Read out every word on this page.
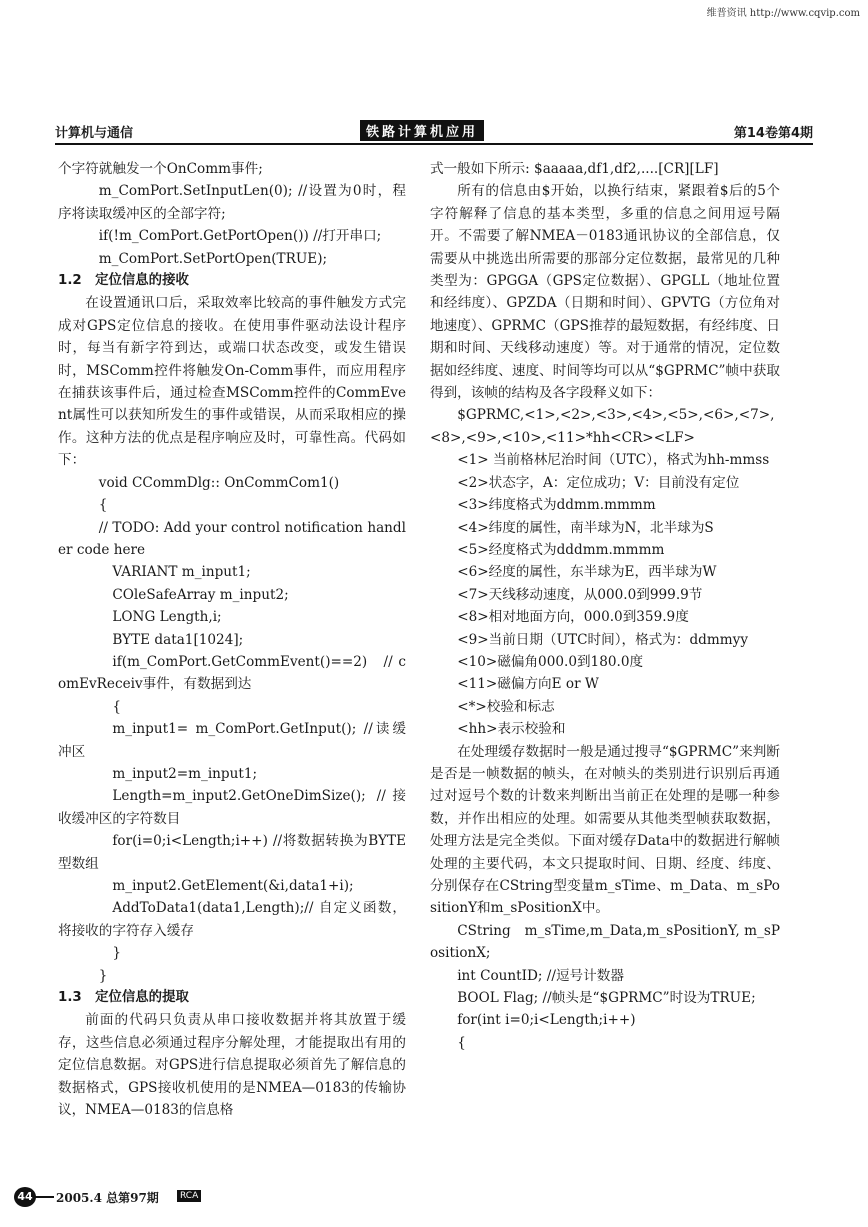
维普资讯 http://www.cqvip.com
计算机与通信	铁路计算机应用	第14卷第4期

个字符就触发一个OnComm事件;

m_ComPort.SetInputLen(0); //设置为0时，程序将读取缓冲区的全部字符;

if(!m_ComPort.GetPortOpen()) //打开串口;

m_ComPort.SetPortOpen(TRUE);

1.2　定位信息的接收

在设置通讯口后，采取效率比较高的事件触发方式完成对GPS定位信息的接收。在使用事件驱动法设计程序时，每当有新字符到达，或端口状态改变，或发生错误时，MSComm控件将触发On-Comm事件，而应用程序在捕获该事件后，通过检查MSComm控件的CommEvent属性可以获知所发生的事件或错误，从而采取相应的操作。这种方法的优点是程序响应及时，可靠性高。代码如下：

void CCommDlg:: OnCommCom1()

{

// TODO: Add your control notification handler code here

VARIANT m_input1;

COleSafeArray m_input2;

LONG Length,i;

BYTE data1[1024];

if(m_ComPort.GetCommEvent()==2)　// comEvReceiv事件，有数据到达

{

m_input1= m_ComPort.GetInput(); //读缓冲区

m_input2=m_input1;

Length=m_input2.GetOneDimSize(); //接收缓冲区的字符数目

for(i=0;i<Length;i++) //将数据转换为BYTE型数组

m_input2.GetElement(&i,data1+i);

AddToData1(data1,Length);// 自定义函数，将接收的字符存入缓存

}

}

1.3　定位信息的提取

前面的代码只负责从串口接收数据并将其放置于缓存，这些信息必须通过程序分解处理，才能提取出有用的定位信息数据。对GPS进行信息提取必须首先了解信息的数据格式，GPS接收机使用的是NMEA—0183的传输协议，NMEA—0183的信息格

式一般如下所示: $aaaaa,df1,df2,....[CR][LF]

所有的信息由$开始，以换行结束，紧跟着$后的5个字符解释了信息的基本类型，多重的信息之间用逗号隔开。不需要了解NMEA－0183通讯协议的全部信息，仅需要从中挑选出所需要的那部分定位数据，最常见的几种类型为：GPGGA（GPS定位数据）、GPGLL（地址位置和经纬度）、GPZDA（日期和时间）、GPVTG（方位角对地速度）、GPRMC（GPS推荐的最短数据，有经纬度、日期和时间、天线移动速度）等。对于通常的情况，定位数据如经纬度、速度、时间等均可以从“$GPRMC”帧中获取得到，该帧的结构及各字段释义如下：

$GPRMC,<1>,<2>,<3>,<4>,<5>,<6>,<7>,<8>,<9>,<10>,<11>*hh<CR><LF>

<1> 当前格林尼治时间（UTC），格式为hh-mmss

<2>状态字，A：定位成功；V：目前没有定位

<3>纬度格式为ddmm.mmmm

<4>纬度的属性，南半球为N，北半球为S

<5>经度格式为dddmm.mmmm

<6>经度的属性，东半球为E，西半球为W

<7>天线移动速度，从000.0到999.9节

<8>相对地面方向，000.0到359.9度

<9>当前日期（UTC时间），格式为：ddmmyy

<10>磁偏角000.0到180.0度

<11>磁偏方向E or W

<*>校验和标志

<hh>表示校验和

在处理缓存数据时一般是通过搜寻“$GPRMC”来判断是否是一帧数据的帧头，在对帧头的类别进行识别后再通过对逗号个数的计数来判断出当前正在处理的是哪一种参数，并作出相应的处理。如需要从其他类型帧获取数据，处理方法是完全类似。下面对缓存Data中的数据进行解帧处理的主要代码，本文只提取时间、日期、经度、纬度、分别保存在CString型变量m_sTime、m_Data、m_sPositionY和m_sPositionX中。

CString　m_sTime,m_Data,m_sPositionY, m_sPositionX;

int CountID; //逗号计数器

BOOL Flag; //帧头是“$GPRMC”时设为TRUE;

for(int i=0;i<Length;i++)

{

44 2005.4 总第97期	RCA
